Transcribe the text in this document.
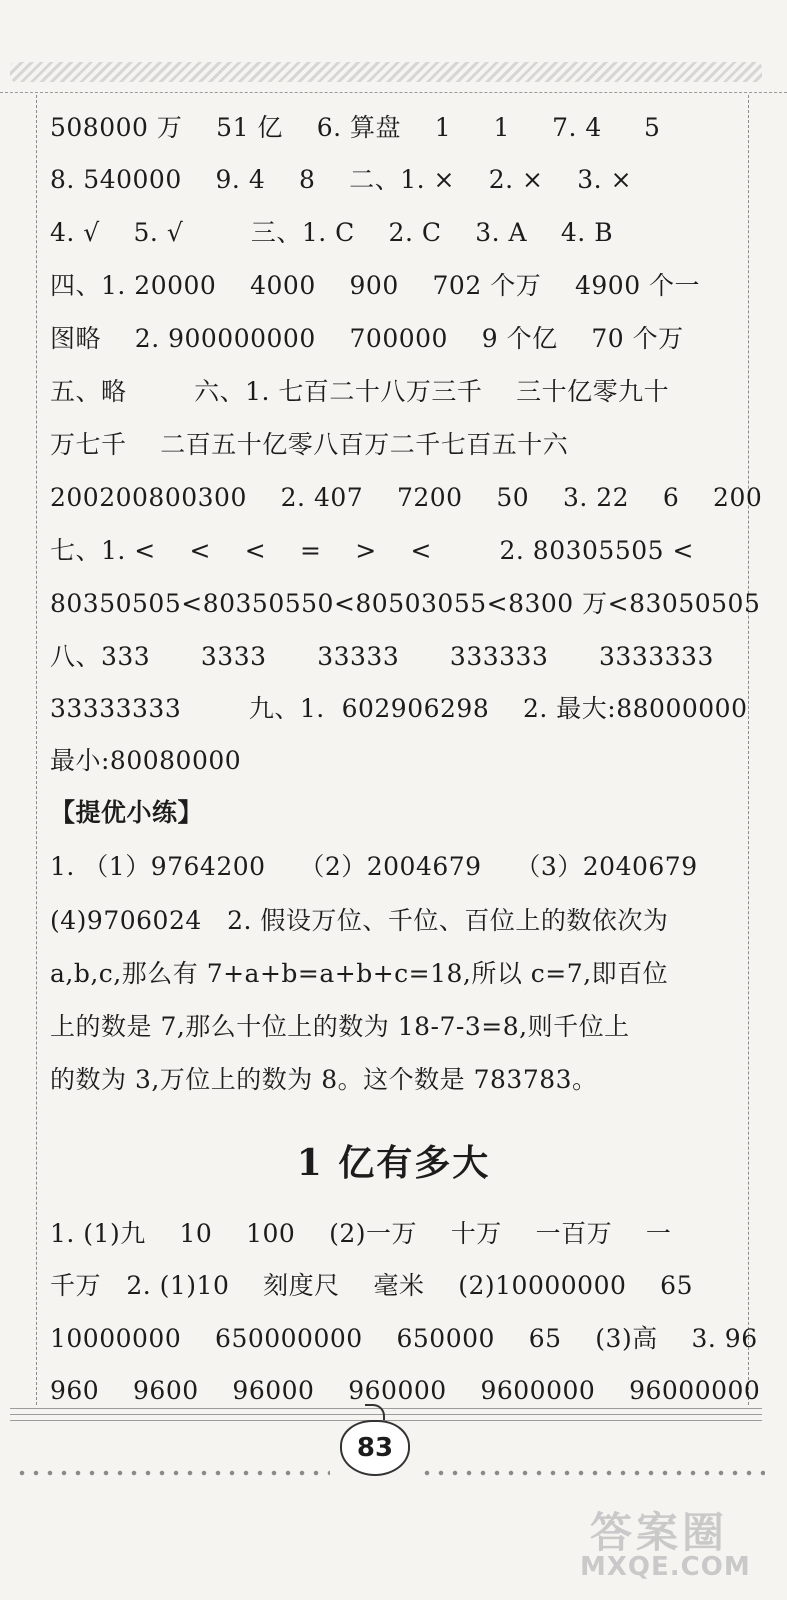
508000 万    51 亿    6. 算盘    1     1     7. 4     5
8. 540000    9. 4    8    二、1. ×    2. ×    3. ×
4. √    5. √        三、1. C    2. C    3. A    4. B
四、1. 20000    4000    900    702 个万    4900 个一
图略    2. 900000000    700000    9 个亿    70 个万
五、略        六、1. 七百二十八万三千    三十亿零九十
万七千    二百五十亿零八百万二千七百五十六
200200800300    2. 407    7200    50    3. 22    6    200
七、1. <    <    <    =    >    <        2. 80305505 <
80350505<80350550<80503055<8300 万<83050505
八、333      3333      33333      333333      3333333
33333333        九、1.  602906298    2. 最大:88000000
最小:80080000
【提优小练】
1. （1）9764200    （2）2004679    （3）2040679
(4)9706024   2. 假设万位、千位、百位上的数依次为
a,b,c,那么有 7+a+b=a+b+c=18,所以 c=7,即百位
上的数是 7,那么十位上的数为 18-7-3=8,则千位上
的数为 3,万位上的数为 8。这个数是 783783。
1 亿有多大
1. (1)九    10    100    (2)一万    十万    一百万    一
千万   2. (1)10    刻度尺    毫米    (2)10000000    65
10000000    650000000    650000    65    (3)高    3. 96
960    9600    96000    960000    9600000    96000000
83
答案圈
MXQE.COM
